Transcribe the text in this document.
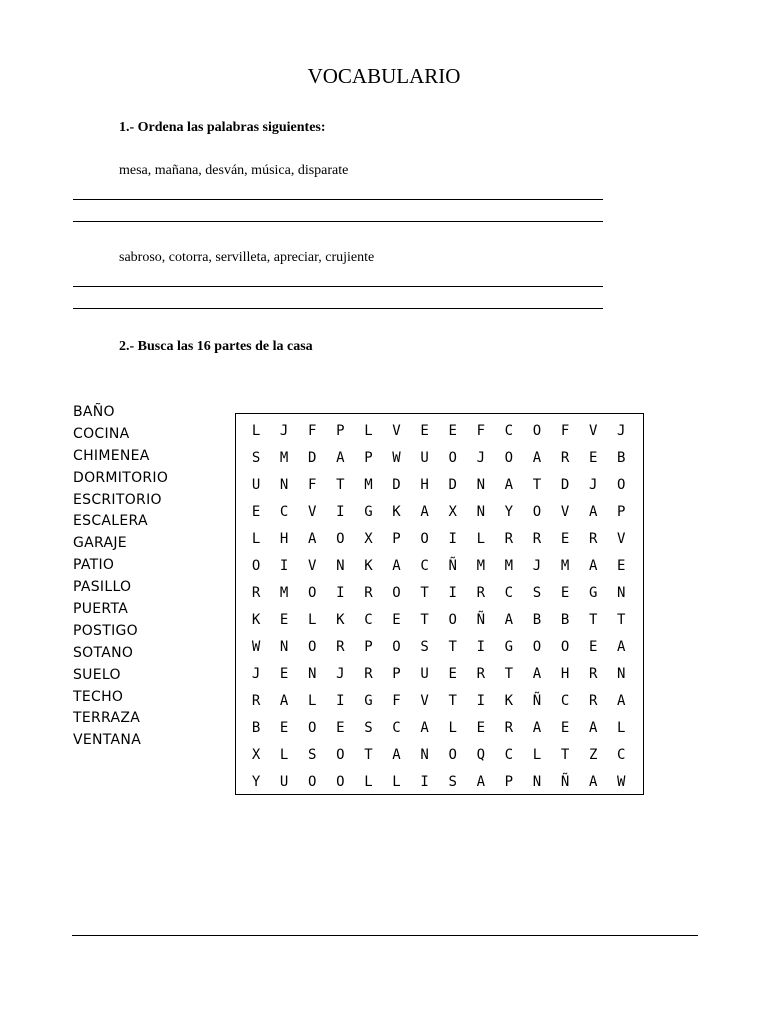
VOCABULARIO
1.- Ordena las palabras siguientes:
mesa, mañana, desván, música, disparate
sabroso, cotorra, servilleta, apreciar, crujiente
2.- Busca las 16 partes de la casa
BAÑO
COCINA
CHIMENEA
DORMITORIO
ESCRITORIO
ESCALERA
GARAJE
PATIO
PASILLO
PUERTA
POSTIGO
SOTANO
SUELO
TECHO
TERRAZA
VENTANA
L	J	F	P	L	V	E	E	F	C	O	F	V	J
S	M	D	A	P	W	U	O	J	O	A	R	E	B
U	N	F	T	M	D	H	D	N	A	T	D	J	O
E	C	V	I	G	K	A	X	N	Y	O	V	A	P
L	H	A	O	X	P	O	I	L	R	R	E	R	V
O	I	V	N	K	A	C	Ñ	M	M	J	M	A	E
R	M	O	I	R	O	T	I	R	C	S	E	G	N
K	E	L	K	C	E	T	O	Ñ	A	B	B	T	T
W	N	O	R	P	O	S	T	I	G	O	O	E	A
J	E	N	J	R	P	U	E	R	T	A	H	R	N
R	A	L	I	G	F	V	T	I	K	Ñ	C	R	A
B	E	O	E	S	C	A	L	E	R	A	E	A	L
X	L	S	O	T	A	N	O	Q	C	L	T	Z	C
Y	U	O	O	L	L	I	S	A	P	N	Ñ	A	W
